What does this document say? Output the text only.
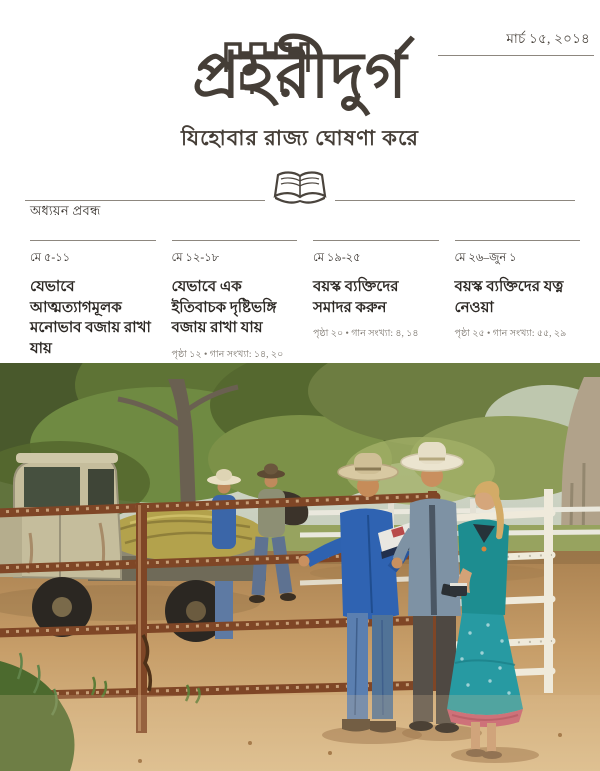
মার্চ ১৫, ২০১৪
প্রহরীদুর্গ
যিহোবার রাজ্য ঘোষণা করে
অধ্যয়ন প্রবন্ধ

মে ৫-১১

যেভাবে আত্মত্যাগমূলক মনোভাব বজায় রাখা যায়

মে ১২-১৮

যেভাবে এক ইতিবাচক দৃষ্টিভঙ্গি বজায় রাখা যায়

পৃষ্ঠা ১২ • গান সংখ্যা: ১৪, ২০

মে ১৯-২৫

বয়স্ক ব্যক্তিদের সমাদর করুন

পৃষ্ঠা ২০ • গান সংখ্যা: ৪, ১৪

মে ২৬–জুন ১

বয়স্ক ব্যক্তিদের যত্ন নেওয়া

পৃষ্ঠা ২৫ • গান সংখ্যা: ৫৫, ২৯
